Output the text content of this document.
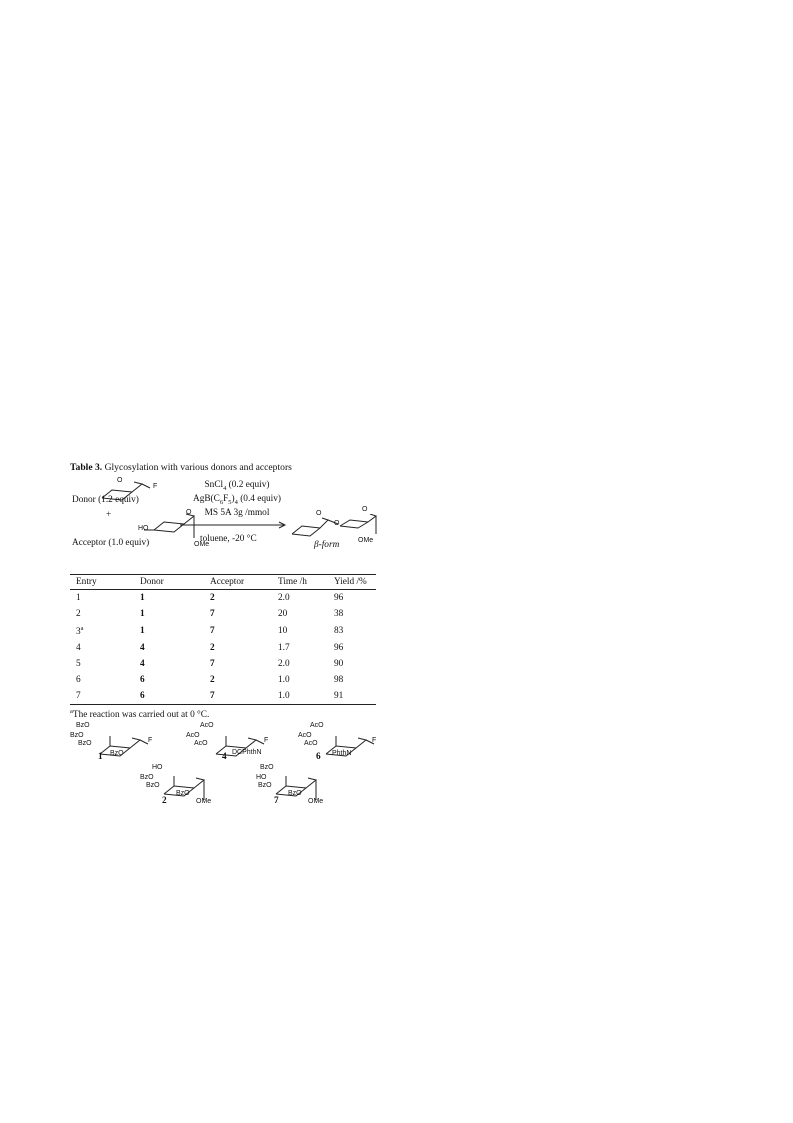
Table 3. Glycosylation with various donors and acceptors
O
F
Donor (1.2 equiv)
+	O
HO
Acceptor (1.0 equiv)	OMe
SnCl$_4$ (0.2 equiv)
$AgB(C_6F_5)_4$ (0.4 equiv)
MS 5A 3g /mmol
toluene, -20 °C
O
O
O
OMe
β-form
Entry	Donor	Acceptor	Time /h	Yield /%
1	1	2	2.0	96
2	1	7	20	38
3$^a$	1	7	10	83
4	4	2	1.7	96
5	4	7	2.0	90
6	6	2	1.0	98
7	6	7	1.0	91
$^a$The reaction was carried out at 0 °C.
BzO
BzO
BzO
BzO
F
1
AcO
AcO
AcO
DCPhthN
F
4
AcO
AcO
AcO
PhthN
F
6
HO
BzO
BzO
BzO
OMe
2
BzO
HO
BzO
BzO
OMe
7
